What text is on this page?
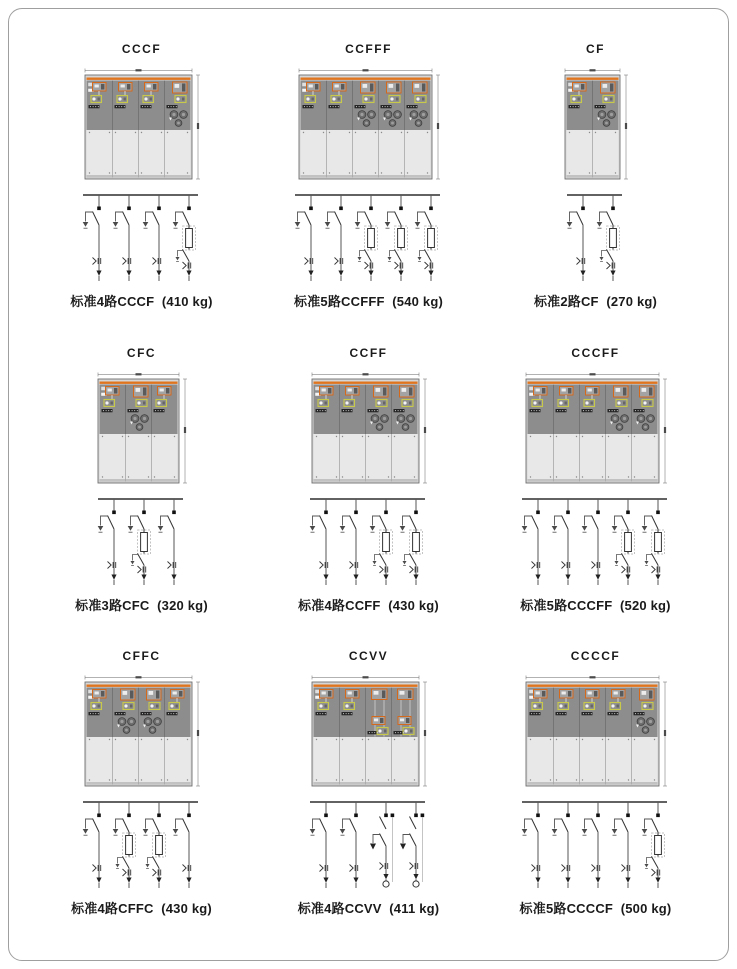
CCCF
标准4路CCCF  (410 kg)
CCFFF
标准5路CCFFF  (540 kg)
CF
标准2路CF  (270 kg)
CFC
标准3路CFC  (320 kg)
CCFF
标准4路CCFF  (430 kg)
CCCFF
标准5路CCCFF  (520 kg)
CFFC
标准4路CFFC  (430 kg)
CCVV
标准4路CCVV  (411 kg)
CCCCF
标准5路CCCCF  (500 kg)
